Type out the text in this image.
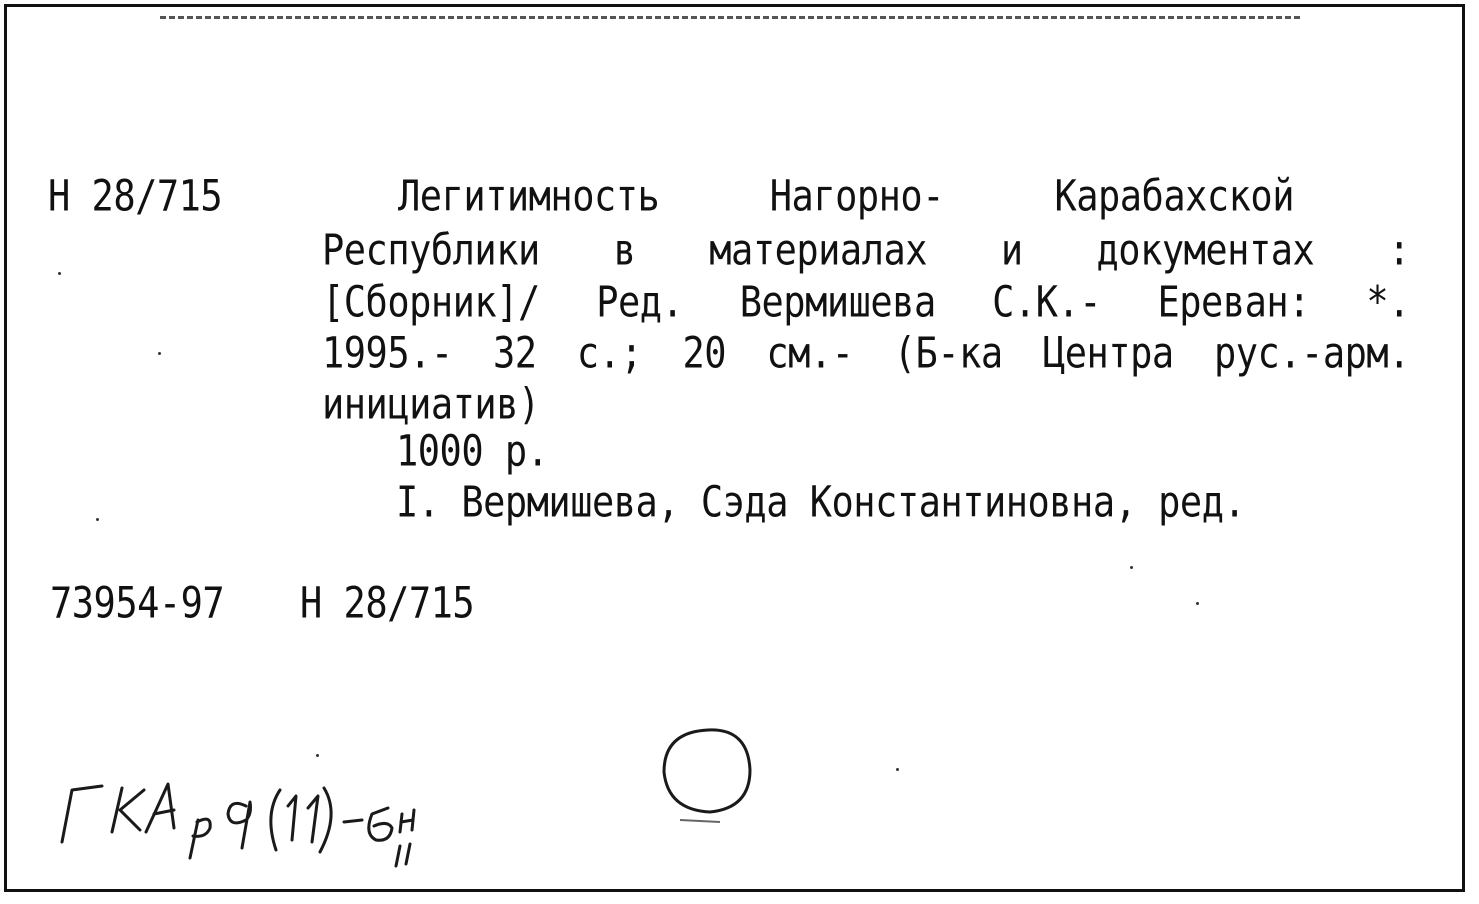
Н 28/715	Легитимность	Нагорно-	Карабахской
Республики в материалах и документах :
[Сборник]/ Ред. Вермишева С.К.- Ереван: *.
1995.- 32 с.; 20 см.- (Б-ка Центра рус.-арм.
инициатив)
1000 р.
I. Вермишева, Сэда Константиновна, ред.
73954-97 Н 28/715
